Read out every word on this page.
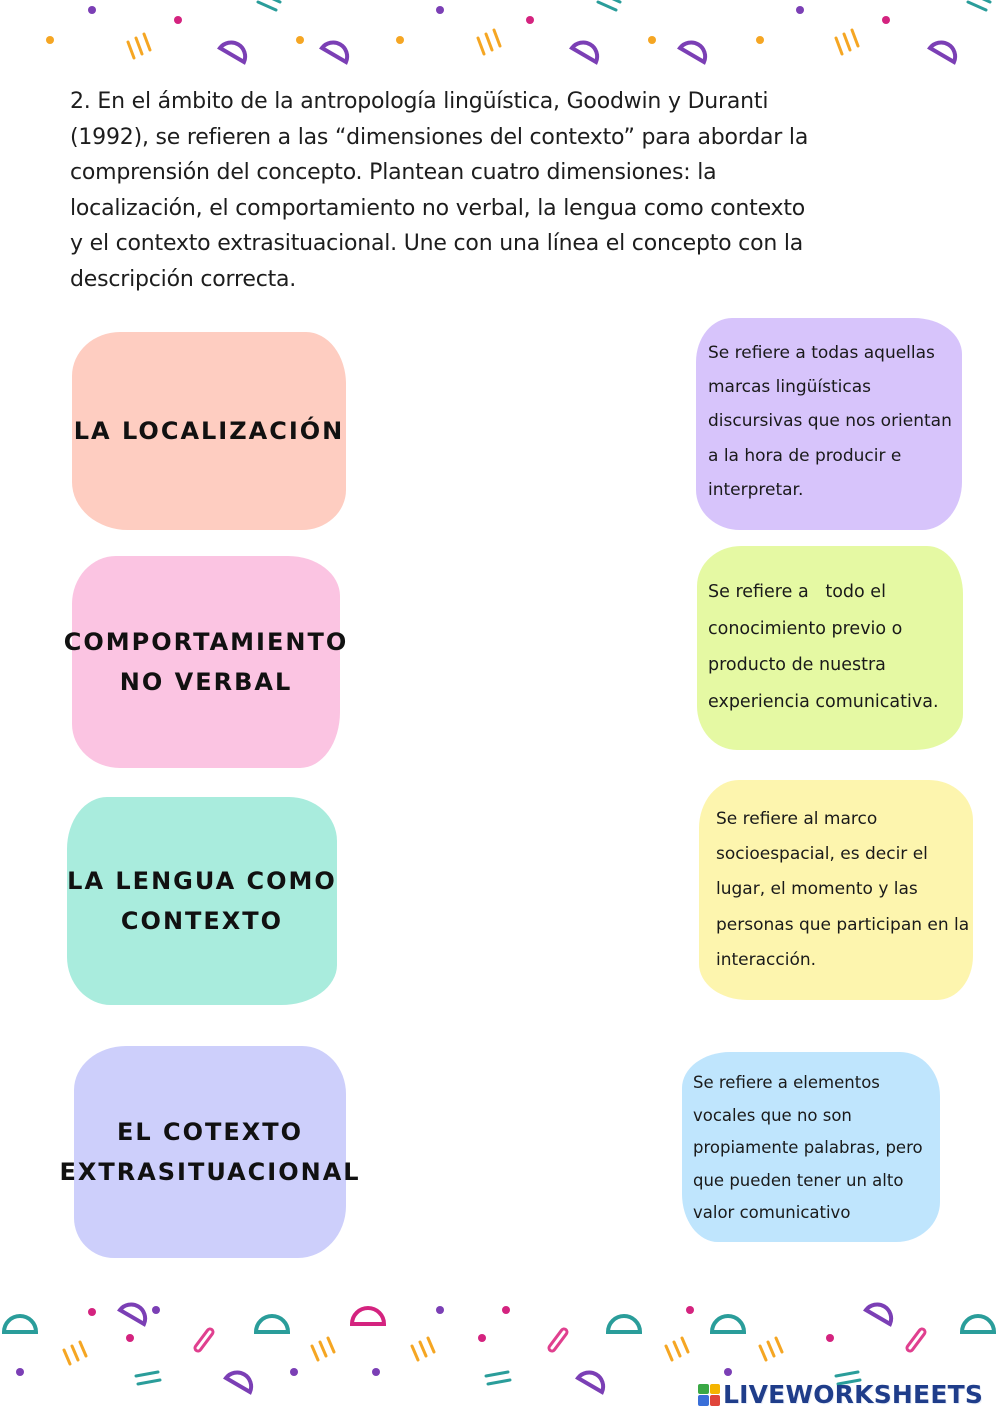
2. En el ámbito de la antropología lingüística, Goodwin y Duranti
(1992), se refieren a las “dimensiones del contexto” para abordar la
comprensión del concepto. Plantean cuatro dimensiones: la
localización, el comportamiento no verbal, la lengua como contexto
y el contexto extrasituacional. Une con una línea el concepto con la
descripción correcta.

LA LOCALIZACIÓN
COMPORTAMIENTO
NO VERBAL
LA LENGUA COMO
CONTEXTO
EL COTEXTO
EXTRASITUACIONAL
Se refiere a todas aquellas
marcas lingüísticas
discursivas que nos orientan
a la hora de producir e
interpretar.
Se refiere a   todo el
conocimiento previo o
producto de nuestra
experiencia comunicativa.
Se refiere al marco
socioespacial, es decir el
lugar, el momento y las
personas que participan en la
interacción.
Se refiere a elementos
vocales que no son
propiamente palabras, pero
que pueden tener un alto
valor comunicativo
LIVEWORKSHEETS
